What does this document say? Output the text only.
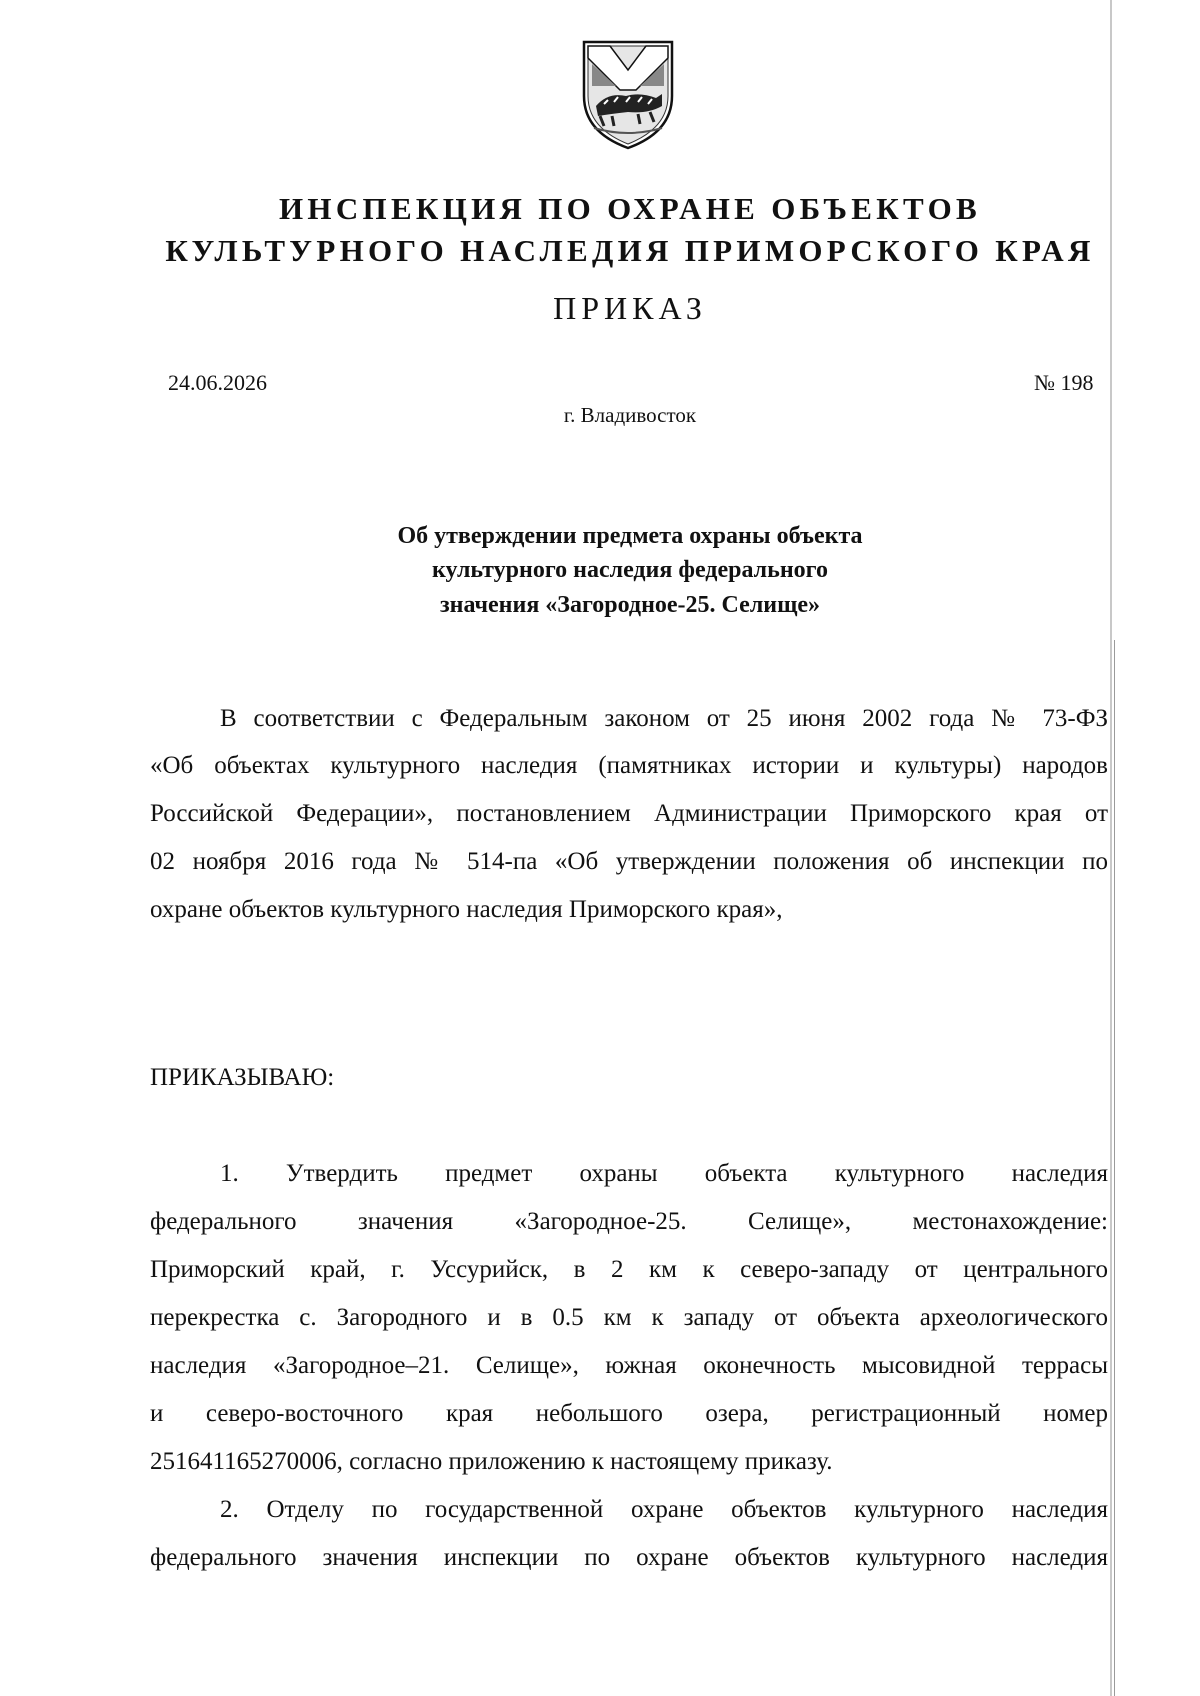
ИНСПЕКЦИЯ ПО ОХРАНЕ ОБЪЕКТОВ
КУЛЬТУРНОГО НАСЛЕДИЯ ПРИМОРСКОГО КРАЯ
ПРИКАЗ
24.06.2026	№ 198
г. Владивосток
Об утверждении предмета охраны объекта
культурного наследия федерального
значения «Загородное-25. Селище»
В соответствии с Федеральным законом от 25 июня 2002 года № 73-ФЗ
«Об объектах культурного наследия (памятниках истории и культуры) народов
Российской Федерации», постановлением Администрации Приморского края от
02 ноября 2016 года № 514-па «Об утверждении положения об инспекции по
охране объектов культурного наследия Приморского края»,
ПРИКАЗЫВАЮ:
1. Утвердить предмет охраны объекта культурного наследия
федерального значения «Загородное-25. Селище», местонахождение:
Приморский край, г. Уссурийск, в 2 км к северо-западу от центрального
перекрестка с. Загородного и в 0.5 км к западу от объекта археологического
наследия «Загородное–21. Селище», южная оконечность мысовидной террасы
и северо-восточного края небольшого озера, регистрационный номер
251641165270006, согласно приложению к настоящему приказу.
2. Отделу по государственной охране объектов культурного наследия
федерального значения инспекции по охране объектов культурного наследия
